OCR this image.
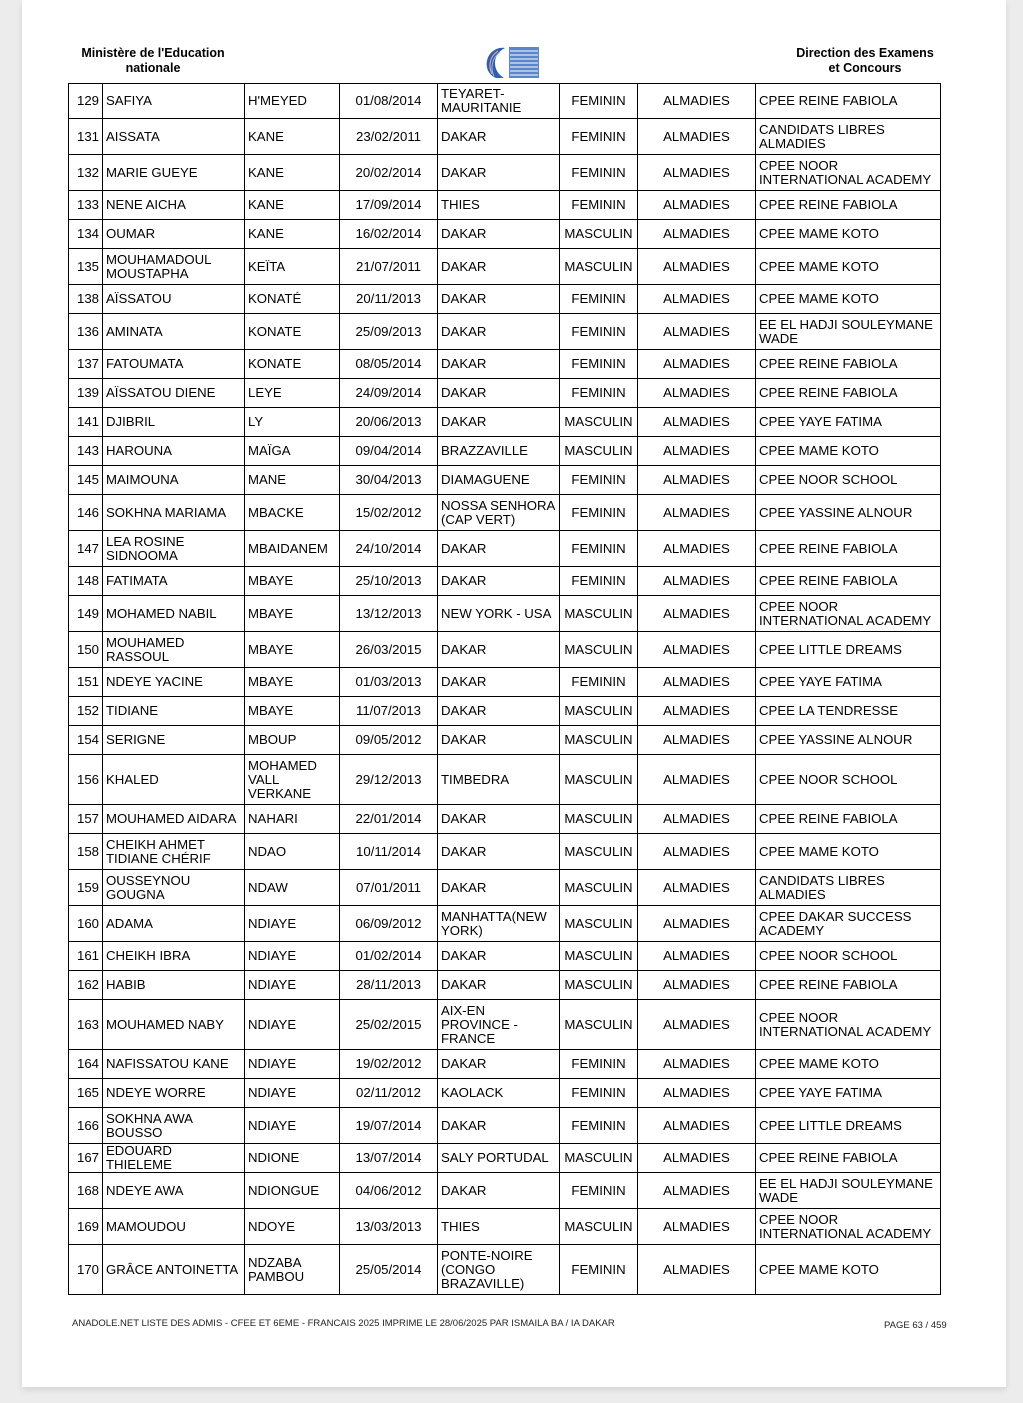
Ministère de l'Education
nationale
Direction des Examens
et Concours
129	SAFIYA	H'MEYED	01/08/2014	TEYARET-MAURITANIE	FEMININ	ALMADIES	CPEE REINE FABIOLA
131	AISSATA	KANE	23/02/2011	DAKAR	FEMININ	ALMADIES	CANDIDATS LIBRES ALMADIES
132	MARIE GUEYE	KANE	20/02/2014	DAKAR	FEMININ	ALMADIES	CPEE NOOR INTERNATIONAL ACADEMY
133	NENE AICHA	KANE	17/09/2014	THIES	FEMININ	ALMADIES	CPEE REINE FABIOLA
134	OUMAR	KANE	16/02/2014	DAKAR	MASCULIN	ALMADIES	CPEE MAME KOTO
135	MOUHAMADOUL MOUSTAPHA	KEÏTA	21/07/2011	DAKAR	MASCULIN	ALMADIES	CPEE MAME KOTO
138	AÏSSATOU	KONATÉ	20/11/2013	DAKAR	FEMININ	ALMADIES	CPEE MAME KOTO
136	AMINATA	KONATE	25/09/2013	DAKAR	FEMININ	ALMADIES	EE EL HADJI SOULEYMANE WADE
137	FATOUMATA	KONATE	08/05/2014	DAKAR	FEMININ	ALMADIES	CPEE REINE FABIOLA
139	AÏSSATOU DIENE	LEYE	24/09/2014	DAKAR	FEMININ	ALMADIES	CPEE REINE FABIOLA
141	DJIBRIL	LY	20/06/2013	DAKAR	MASCULIN	ALMADIES	CPEE YAYE FATIMA
143	HAROUNA	MAÏGA	09/04/2014	BRAZZAVILLE	MASCULIN	ALMADIES	CPEE MAME KOTO
145	MAIMOUNA	MANE	30/04/2013	DIAMAGUENE	FEMININ	ALMADIES	CPEE NOOR SCHOOL
146	SOKHNA MARIAMA	MBACKE	15/02/2012	NOSSA SENHORA (CAP VERT)	FEMININ	ALMADIES	CPEE YASSINE ALNOUR
147	LEA ROSINE SIDNOOMA	MBAIDANEM	24/10/2014	DAKAR	FEMININ	ALMADIES	CPEE REINE FABIOLA
148	FATIMATA	MBAYE	25/10/2013	DAKAR	FEMININ	ALMADIES	CPEE REINE FABIOLA
149	MOHAMED NABIL	MBAYE	13/12/2013	NEW YORK - USA	MASCULIN	ALMADIES	CPEE NOOR INTERNATIONAL ACADEMY
150	MOUHAMED RASSOUL	MBAYE	26/03/2015	DAKAR	MASCULIN	ALMADIES	CPEE LITTLE DREAMS
151	NDEYE YACINE	MBAYE	01/03/2013	DAKAR	FEMININ	ALMADIES	CPEE YAYE FATIMA
152	TIDIANE	MBAYE	11/07/2013	DAKAR	MASCULIN	ALMADIES	CPEE LA TENDRESSE
154	SERIGNE	MBOUP	09/05/2012	DAKAR	MASCULIN	ALMADIES	CPEE YASSINE ALNOUR
156	KHALED	MOHAMED VALL VERKANE	29/12/2013	TIMBEDRA	MASCULIN	ALMADIES	CPEE NOOR SCHOOL
157	MOUHAMED AIDARA	NAHARI	22/01/2014	DAKAR	MASCULIN	ALMADIES	CPEE REINE FABIOLA
158	CHEIKH AHMET TIDIANE CHÉRIF	NDAO	10/11/2014	DAKAR	MASCULIN	ALMADIES	CPEE MAME KOTO
159	OUSSEYNOU GOUGNA	NDAW	07/01/2011	DAKAR	MASCULIN	ALMADIES	CANDIDATS LIBRES ALMADIES
160	ADAMA	NDIAYE	06/09/2012	MANHATTA(NEW YORK)	MASCULIN	ALMADIES	CPEE DAKAR SUCCESS ACADEMY
161	CHEIKH IBRA	NDIAYE	01/02/2014	DAKAR	MASCULIN	ALMADIES	CPEE NOOR SCHOOL
162	HABIB	NDIAYE	28/11/2013	DAKAR	MASCULIN	ALMADIES	CPEE REINE FABIOLA
163	MOUHAMED NABY	NDIAYE	25/02/2015	AIX-EN PROVINCE - FRANCE	MASCULIN	ALMADIES	CPEE NOOR INTERNATIONAL ACADEMY
164	NAFISSATOU KANE	NDIAYE	19/02/2012	DAKAR	FEMININ	ALMADIES	CPEE MAME KOTO
165	NDEYE WORRE	NDIAYE	02/11/2012	KAOLACK	FEMININ	ALMADIES	CPEE YAYE FATIMA
166	SOKHNA AWA BOUSSO	NDIAYE	19/07/2014	DAKAR	FEMININ	ALMADIES	CPEE LITTLE DREAMS
167	EDOUARD THIELEME	NDIONE	13/07/2014	SALY PORTUDAL	MASCULIN	ALMADIES	CPEE REINE FABIOLA
168	NDEYE AWA	NDIONGUE	04/06/2012	DAKAR	FEMININ	ALMADIES	EE EL HADJI SOULEYMANE WADE
169	MAMOUDOU	NDOYE	13/03/2013	THIES	MASCULIN	ALMADIES	CPEE NOOR INTERNATIONAL ACADEMY
170	GRÂCE ANTOINETTA	NDZABA PAMBOU	25/05/2014	PONTE-NOIRE (CONGO BRAZAVILLE)	FEMININ	ALMADIES	CPEE MAME KOTO
ANADOLE.NET LISTE DES ADMIS - CFEE ET 6EME - FRANCAIS 2025 IMPRIME LE 28/06/2025 PAR ISMAILA BA / IA DAKAR	PAGE 63 / 459
